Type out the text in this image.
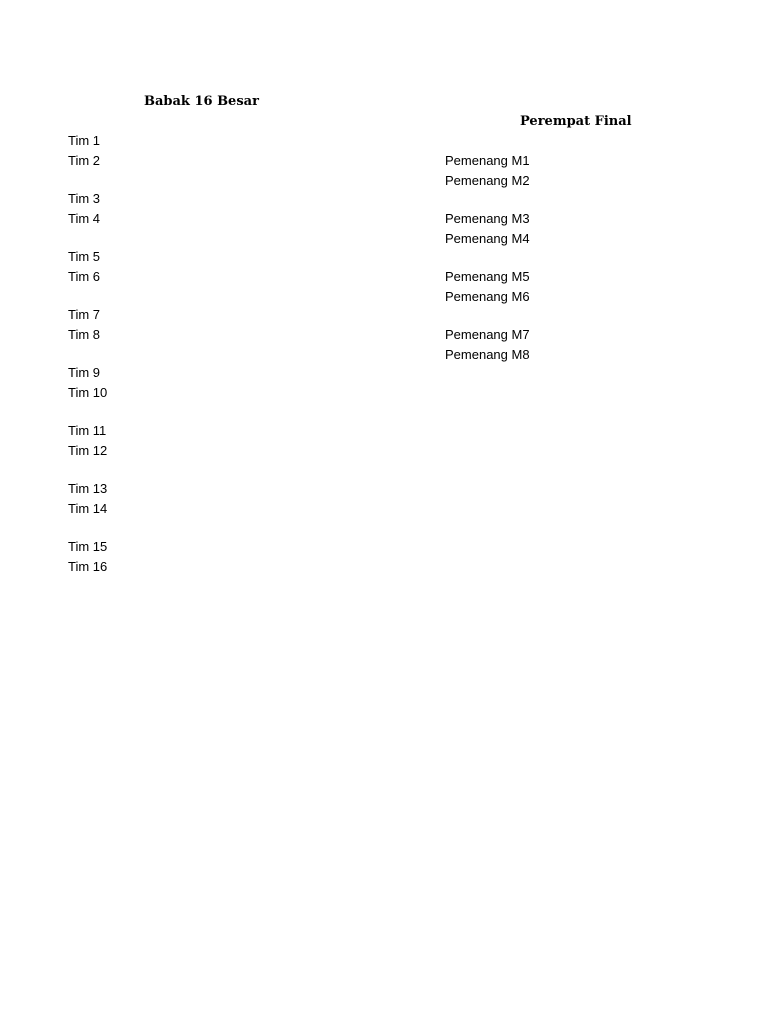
Babak 16 Besar
Perempat Final
Tim 1
Tim 2
Tim 3
Tim 4
Tim 5
Tim 6
Tim 7
Tim 8
Tim 9
Tim 10
Tim 11
Tim 12
Tim 13
Tim 14
Tim 15
Tim 16
Pemenang M1
Pemenang M2
Pemenang M3
Pemenang M4
Pemenang M5
Pemenang M6
Pemenang M7
Pemenang M8
